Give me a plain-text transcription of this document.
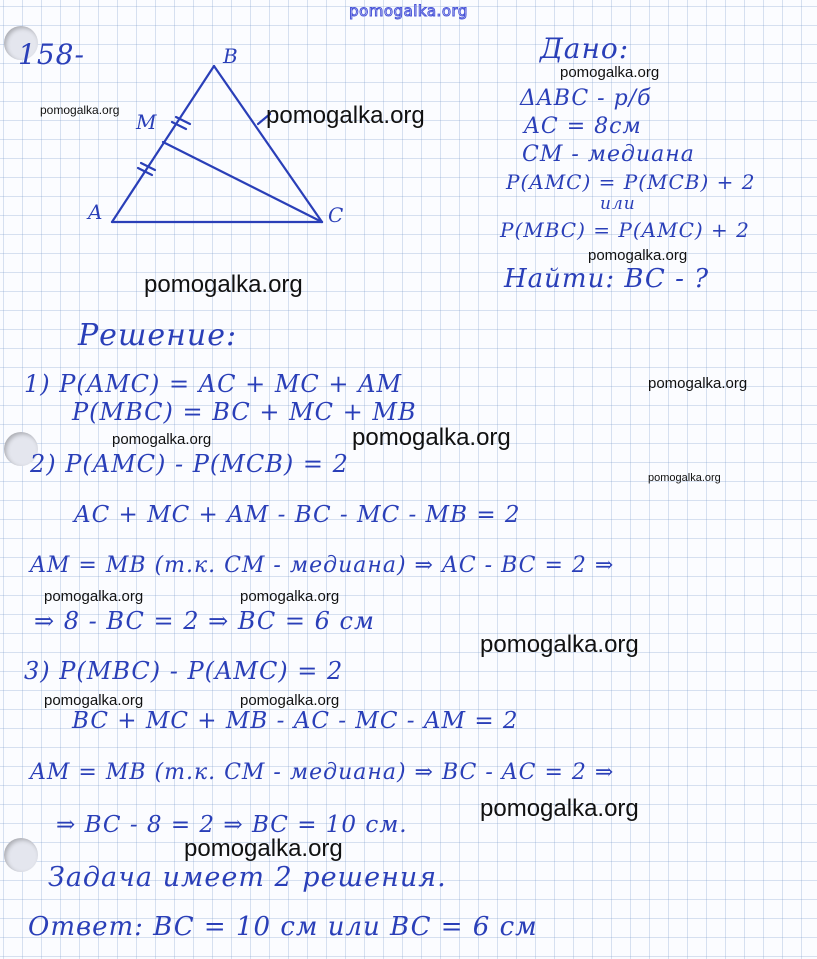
pomogalka.org
158-	B
M
A	C
Дано:
ΔABC - р/б
AC = 8см
CM - медиана
P(AMC) = P(MCB) + 2
или
P(MBC) = P(AMC) + 2
Найти: BC - ?
Решение:
1) P(AMC) = AC + MC + AM
P(MBC) = BC + MC + MB
2) P(AMC) - P(MCB) = 2
AC + MC + AM - BC - MC - MB = 2
AM = MB (т.к. CM - медиана) ⇒ AC - BC = 2 ⇒
⇒ 8 - BC = 2 ⇒ BC = 6 см
3) P(MBC) - P(AMC) = 2
BC + MC + MB - AC - MC - AM = 2
AM = MB (т.к. CM - медиана) ⇒ BC - AC = 2 ⇒
⇒ BC - 8 = 2 ⇒ BC = 10 см.
Задача имеет 2 решения.
Ответ: BC = 10 см или BC = 6 см
pomogalka.org	pomogalka.org
pomogalka.org
pomogalka.org
pomogalka.org
pomogalka.org
pomogalka.org	pomogalka.org
pomogalka.org
pomogalka.org	pomogalka.org
pomogalka.org
pomogalka.org	pomogalka.org
pomogalka.org
pomogalka.org
